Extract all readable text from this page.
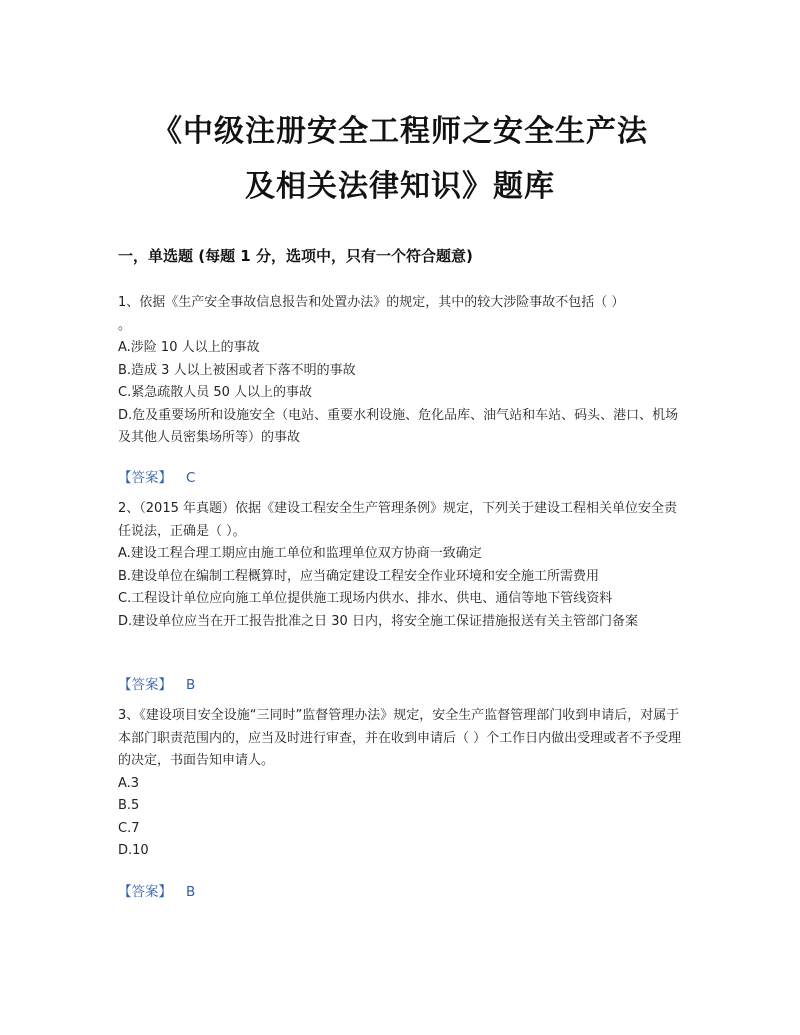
《中级注册安全工程师之安全生产法
及相关法律知识》题库
一，单选题 (每题 1 分，选项中，只有一个符合题意)
1、依据《生产安全事故信息报告和处置办法》的规定，其中的较大涉险事故不包括（ ）
。
A.涉险 10 人以上的事故
B.造成 3 人以上被困或者下落不明的事故
C.紧急疏散人员 50 人以上的事故
D.危及重要场所和设施安全（电站、重要水利设施、危化品库、油气站和车站、码头、港口、机场及其他人员密集场所等）的事故
【答案】 C
2、（2015 年真题）依据《建设工程安全生产管理条例》规定，下列关于建设工程相关单位安全责任说法，正确是（ ）。
A.建设工程合理工期应由施工单位和监理单位双方协商一致确定
B.建设单位在编制工程概算时，应当确定建设工程安全作业环境和安全施工所需费用
C.工程设计单位应向施工单位提供施工现场内供水、排水、供电、通信等地下管线资料
D.建设单位应当在开工报告批准之日 30 日内，将安全施工保证措施报送有关主管部门备案
【答案】 B
3、《建设项目安全设施“三同时”监督管理办法》规定，安全生产监督管理部门收到申请后，对属于本部门职责范围内的，应当及时进行审查，并在收到申请后（ ）个工作日内做出受理或者不予受理的决定，书面告知申请人。
A.3
B.5
C.7
D.10
【答案】 B
